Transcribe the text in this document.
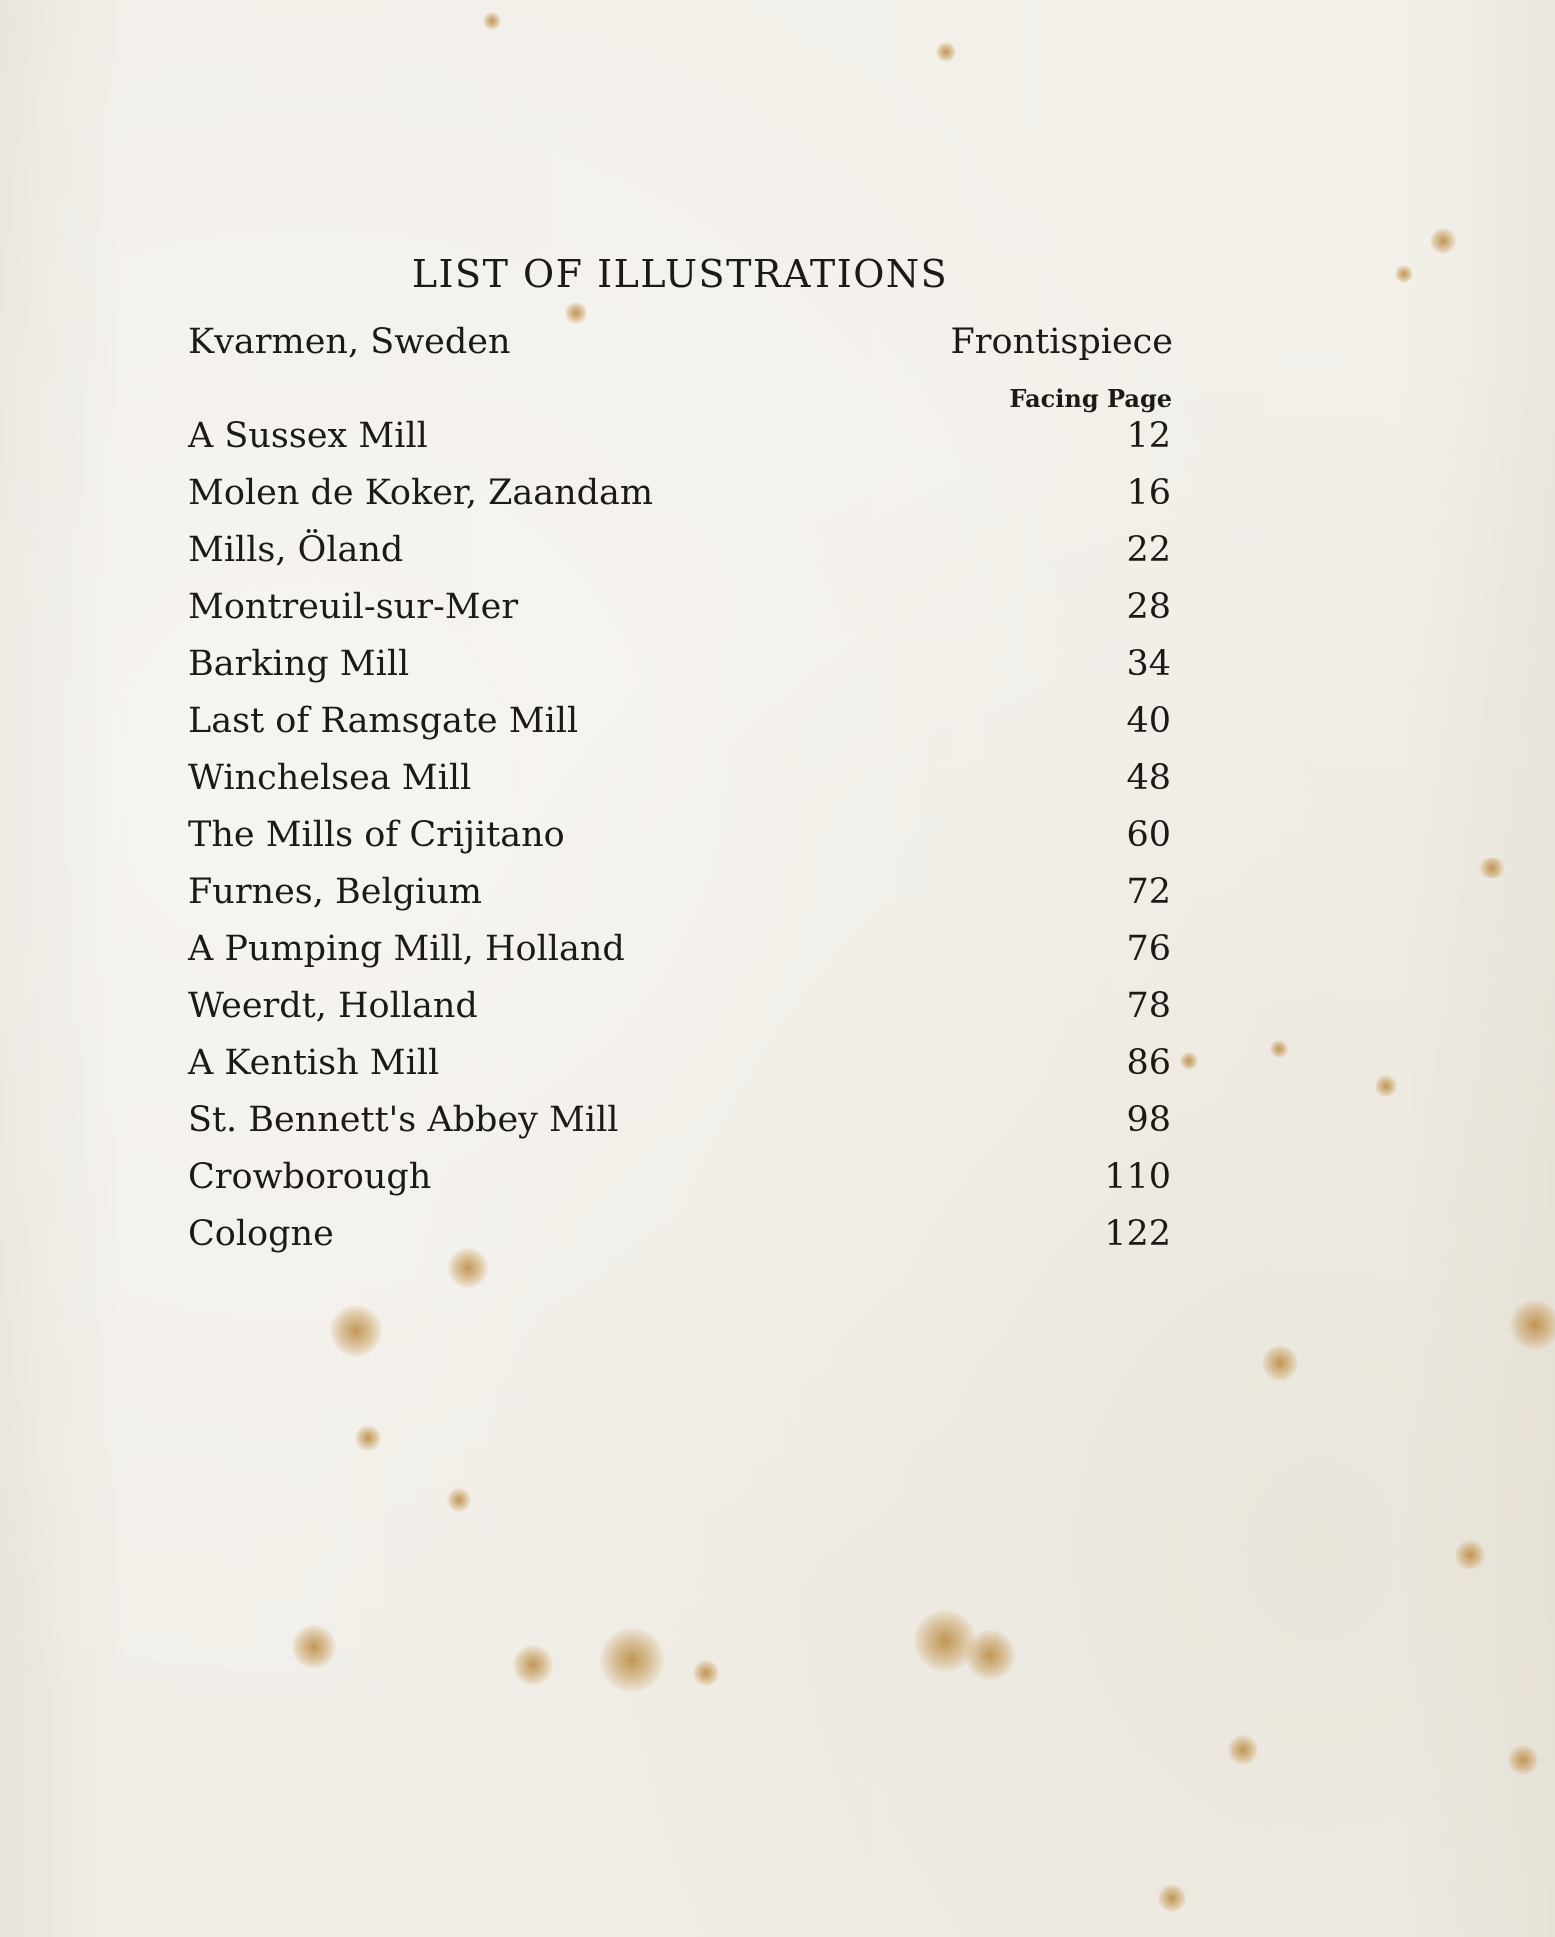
LIST OF ILLUSTRATIONS
Kvarmen, Sweden	Frontispiece
Facing Page
A Sussex Mill	12
Molen de Koker, Zaandam	16
Mills, Öland	22
Montreuil-sur-Mer	28
Barking Mill	34
Last of Ramsgate Mill	40
Winchelsea Mill	48
The Mills of Crijitano	60
Furnes, Belgium	72
A Pumping Mill, Holland	76
Weerdt, Holland	78
A Kentish Mill	86
St. Bennett's Abbey Mill	98
Crowborough	110
Cologne	122
